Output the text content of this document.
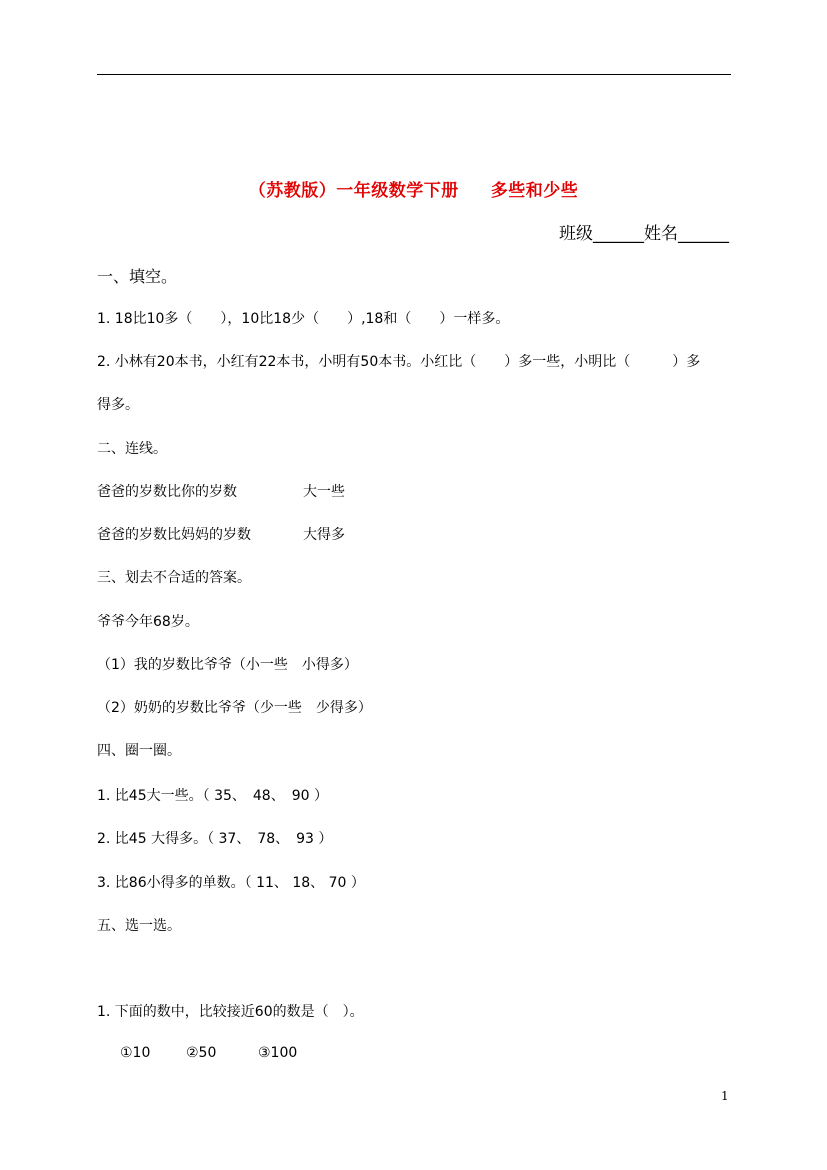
（苏教版）一年级数学下册 多些和少些
班级______姓名______
一、填空。
1. 18比10多（　　），10比18少（　　）,18和（　　）一样多。
2. 小林有20本书，小红有22本书，小明有50本书。小红比（　　）多一些，小明比（　　　）多
得多。
二、连线。
爸爸的岁数比你的岁数	大一些
爸爸的岁数比妈妈的岁数	大得多
三、划去不合适的答案。
爷爷今年68岁。
（1）我的岁数比爷爷（小一些　小得多）
（2）奶奶的岁数比爷爷（少一些　少得多）
四、圈一圈。
1. 比45大一些。（ 35、　48、　90 ）
2. 比45 大得多。（ 37、　78、　93 ）
3. 比86小得多的单数。（ 11、 18、 70 ）
五、选一选。
1. 下面的数中，比较接近60的数是（　）。
①10	②50	③100
1
